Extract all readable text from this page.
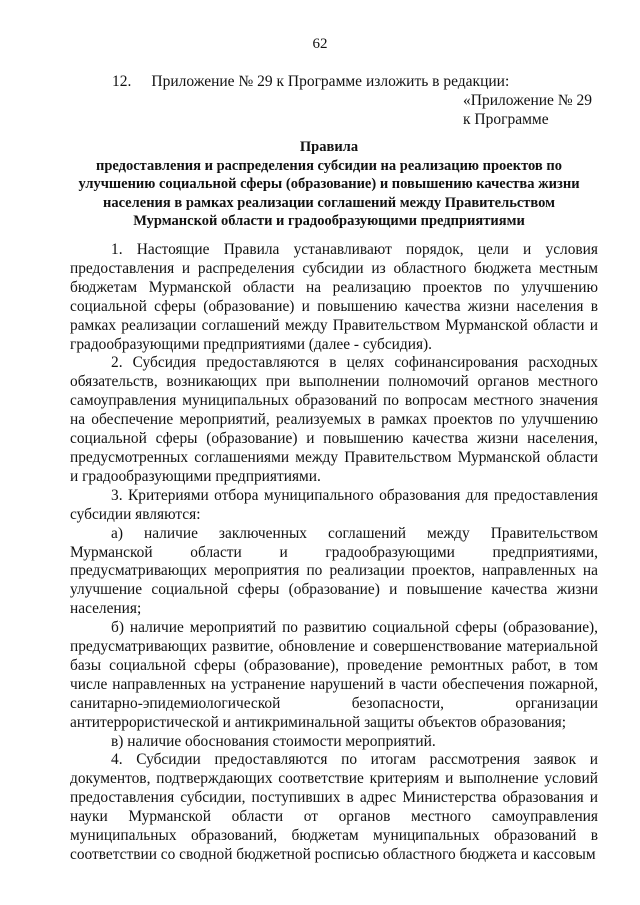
62
12. Приложение № 29 к Программе изложить в редакции:
«Приложение № 29
к Программе
Правила
предоставления и распределения субсидии на реализацию проектов по улучшению социальной сферы (образование) и повышению качества жизни населения в рамках реализации соглашений между Правительством Мурманской области и градообразующими предприятиями

1. Настоящие Правила устанавливают порядок, цели и условия предоставления и распределения субсидии из областного бюджета местным бюджетам Мурманской области на реализацию проектов по улучшению социальной сферы (образование) и повышению качества жизни населения в рамках реализации соглашений между Правительством Мурманской области и градообразующими предприятиями (далее - субсидия).

2. Субсидия предоставляются в целях софинансирования расходных обязательств, возникающих при выполнении полномочий органов местного самоуправления муниципальных образований по вопросам местного значения на обеспечение мероприятий, реализуемых в рамках проектов по улучшению социальной сферы (образование) и повышению качества жизни населения, предусмотренных соглашениями между Правительством Мурманской области и градообразующими предприятиями.

3. Критериями отбора муниципального образования для предоставления субсидии являются:

а) наличие заключенных соглашений между Правительством Мурманской области и градообразующими предприятиями, предусматривающих мероприятия по реализации проектов, направленных на улучшение социальной сферы (образование) и повышение качества жизни населения;

б) наличие мероприятий по развитию социальной сферы (образование), предусматривающих развитие, обновление и совершенствование материальной базы социальной сферы (образование), проведение ремонтных работ, в том числе направленных на устранение нарушений в части обеспечения пожарной, санитарно-эпидемиологической безопасности, организации антитеррористической и антикриминальной защиты объектов образования;

в) наличие обоснования стоимости мероприятий.

4. Субсидии предоставляются по итогам рассмотрения заявок и документов, подтверждающих соответствие критериям и выполнение условий предоставления субсидии, поступивших в адрес Министерства образования и науки Мурманской области от органов местного самоуправления муниципальных образований, бюджетам муниципальных образований в соответствии со сводной бюджетной росписью областного бюджета и кассовым
